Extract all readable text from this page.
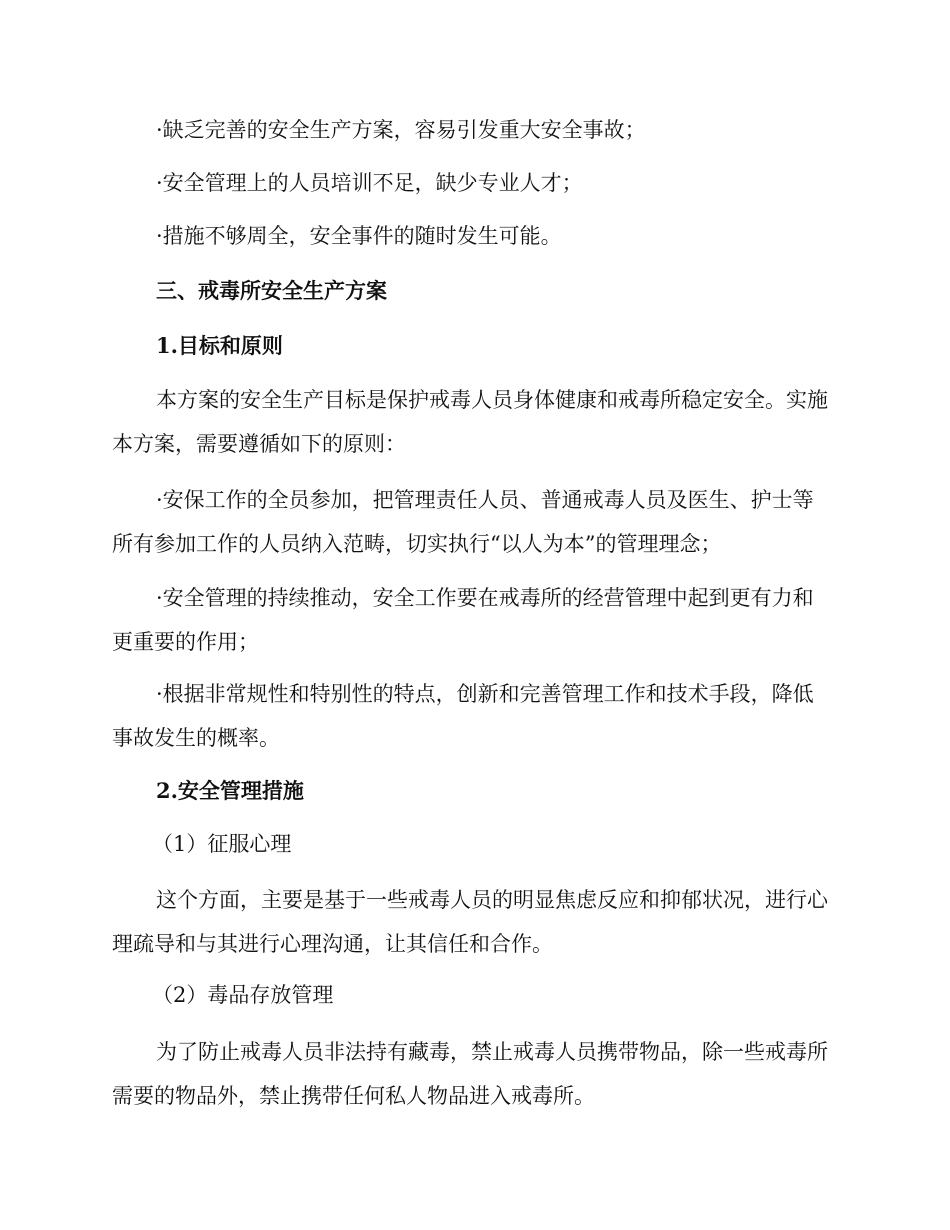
·缺乏完善的安全生产方案，容易引发重大安全事故；

·安全管理上的人员培训不足，缺少专业人才；

·措施不够周全，安全事件的随时发生可能。

三、戒毒所安全生产方案

1.目标和原则

本方案的安全生产目标是保护戒毒人员身体健康和戒毒所稳定安全。实施本方案，需要遵循如下的原则：

·安保工作的全员参加，把管理责任人员、普通戒毒人员及医生、护士等所有参加工作的人员纳入范畴，切实执行“以人为本”的管理理念；

·安全管理的持续推动，安全工作要在戒毒所的经营管理中起到更有力和更重要的作用；

·根据非常规性和特别性的特点，创新和完善管理工作和技术手段，降低事故发生的概率。

2.安全管理措施

（1）征服心理

这个方面，主要是基于一些戒毒人员的明显焦虑反应和抑郁状况，进行心理疏导和与其进行心理沟通，让其信任和合作。

（2）毒品存放管理

为了防止戒毒人员非法持有藏毒，禁止戒毒人员携带物品，除一些戒毒所需要的物品外，禁止携带任何私人物品进入戒毒所。
